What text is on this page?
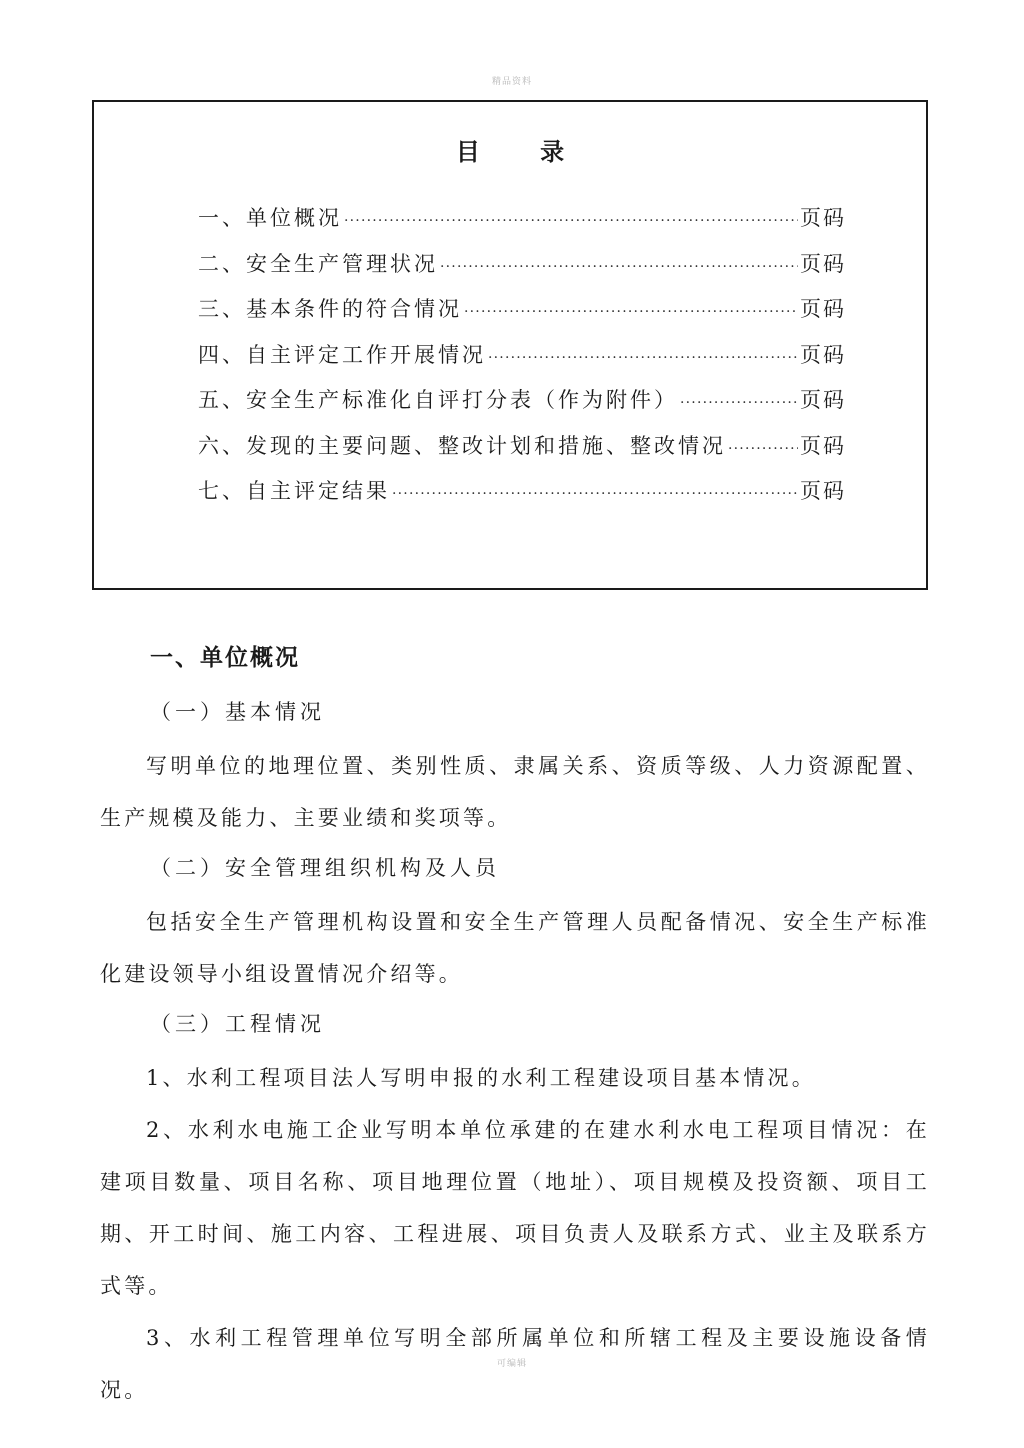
精品资料
目 录
一、单位概况 ·····	页码
二、安全生产管理状况 ·····	页码
三、基本条件的符合情况 ·····	页码
四、自主评定工作开展情况 ·····	页码
五、安全生产标准化自评打分表（作为附件） ·····	页码
六、发现的主要问题、整改计划和措施、整改情况 ·····	页码
七、自主评定结果 ·····	页码
一、单位概况
（一）基本情况

写明单位的地理位置、类别性质、隶属关系、资质等级、人力资源配置、生产规模及能力、主要业绩和奖项等。

（二）安全管理组织机构及人员

包括安全生产管理机构设置和安全生产管理人员配备情况、安全生产标准化建设领导小组设置情况介绍等。

（三）工程情况

1、水利工程项目法人写明申报的水利工程建设项目基本情况。

2、水利水电施工企业写明本单位承建的在建水利水电工程项目情况：在建项目数量、项目名称、项目地理位置（地址）、项目规模及投资额、项目工期、开工时间、施工内容、工程进展、项目负责人及联系方式、业主及联系方式等。

3、水利工程管理单位写明全部所属单位和所辖工程及主要设施设备情况。

可编辑
